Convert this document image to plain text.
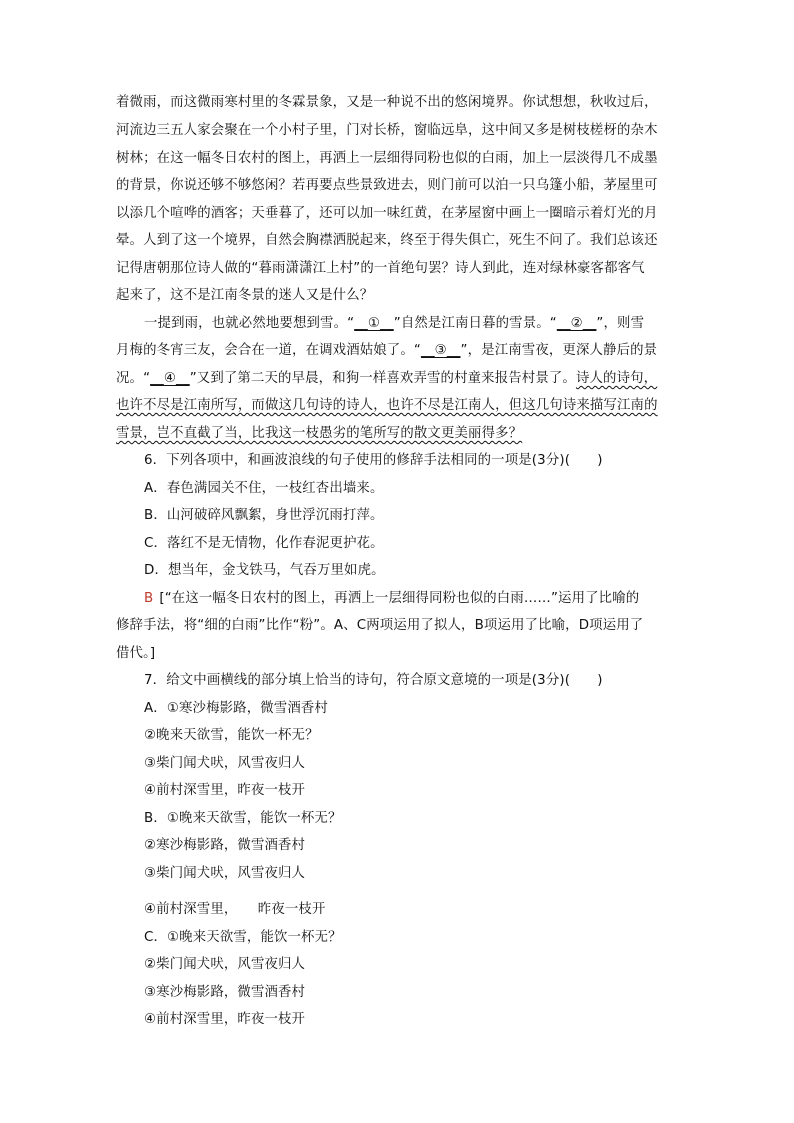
着微雨，而这微雨寒村里的冬霖景象，又是一种说不出的悠闲境界。你试想想，秋收过后，
河流边三五人家会聚在一个小村子里，门对长桥，窗临远阜，这中间又多是树枝槎枒的杂木
树林；在这一幅冬日农村的图上，再洒上一层细得同粉也似的白雨，加上一层淡得几不成墨
的背景，你说还够不够悠闲？若再要点些景致进去，则门前可以泊一只乌篷小船，茅屋里可
以添几个喧哗的酒客；天垂暮了，还可以加一味红黄，在茅屋窗中画上一圈暗示着灯光的月
晕。人到了这一个境界，自然会胸襟洒脱起来，终至于得失俱亡，死生不问了。我们总该还
记得唐朝那位诗人做的“暮雨潇潇江上村”的一首绝句罢？诗人到此，连对绿林豪客都客气
起来了，这不是江南冬景的迷人又是什么？
一提到雨，也就必然地要想到雪。“__①__”自然是江南日暮的雪景。“__②__”，则雪
月梅的冬宵三友，会合在一道，在调戏酒姑娘了。“__③__”，是江南雪夜，更深人静后的景
况。“__④__”又到了第二天的早晨，和狗一样喜欢弄雪的村童来报告村景了。诗人的诗句，
也许不尽是江南所写，而做这几句诗的诗人，也许不尽是江南人，但这几句诗来描写江南的
雪景，岂不直截了当，比我这一枝愚劣的笔所写的散文更美丽得多？
6．下列各项中，和画波浪线的句子使用的修辞手法相同的一项是(3分)(　　)
A．春色满园关不住，一枝红杏出墙来。
B．山河破碎风飘絮，身世浮沉雨打萍。
C．落红不是无情物，化作春泥更护花。
D．想当年，金戈铁马，气吞万里如虎。
B [“在这一幅冬日农村的图上，再洒上一层细得同粉也似的白雨……”运用了比喻的
修辞手法，将“细的白雨”比作“粉”。A、C两项运用了拟人，B项运用了比喻，D项运用了
借代。]
7．给文中画横线的部分填上恰当的诗句，符合原文意境的一项是(3分)(　　)
A．①寒沙梅影路，微雪酒香村
②晚来天欲雪，能饮一杯无？
③柴门闻犬吠，风雪夜归人
④前村深雪里，昨夜一枝开
B．①晚来天欲雪，能饮一杯无？
②寒沙梅影路，微雪酒香村
③柴门闻犬吠，风雪夜归人
④前村深雪里，　　昨夜一枝开
C．①晚来天欲雪，能饮一杯无？
②柴门闻犬吠，风雪夜归人
③寒沙梅影路，微雪酒香村
④前村深雪里，昨夜一枝开
